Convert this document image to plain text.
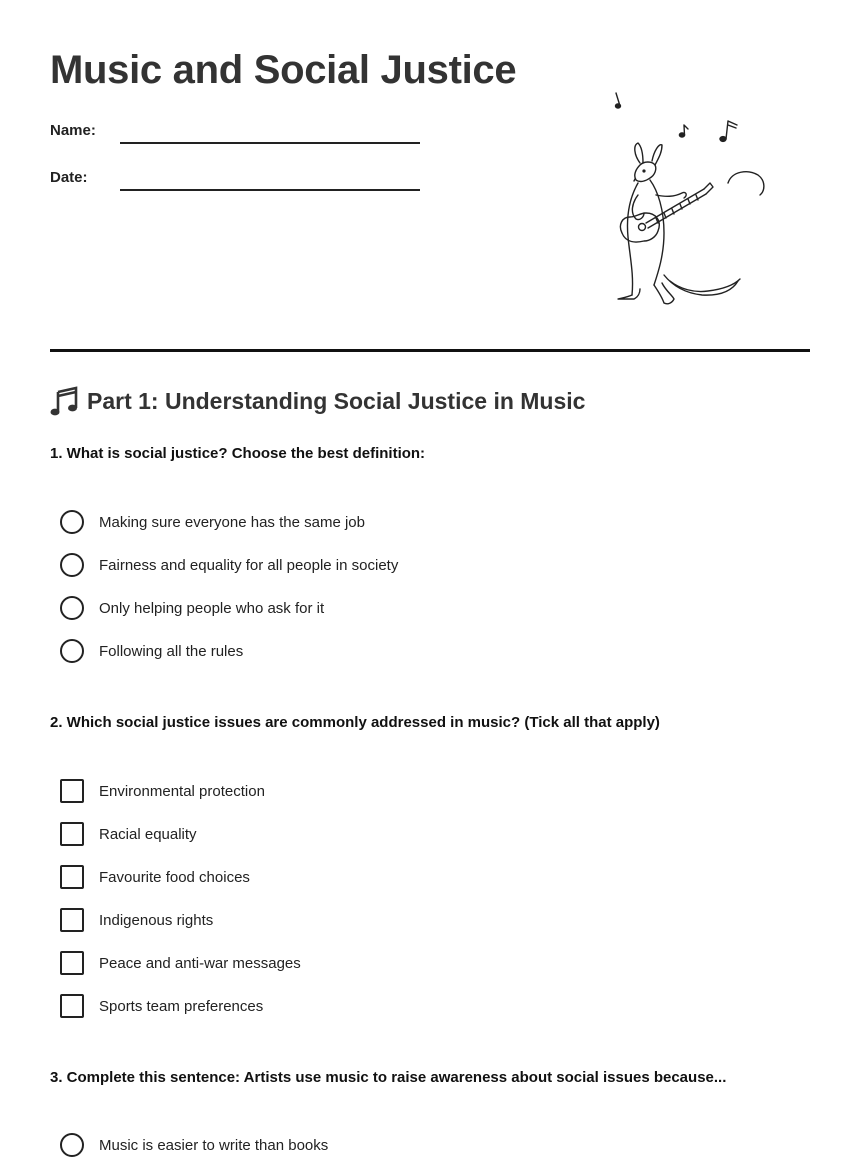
Music and Social Justice
Name:
Date:
Part 1: Understanding Social Justice in Music

1. What is social justice? Choose the best definition:

Making sure everyone has the same job
Fairness and equality for all people in society
Only helping people who ask for it
Following all the rules

2. Which social justice issues are commonly addressed in music? (Tick all that apply)

Environmental protection
Racial equality
Favourite food choices
Indigenous rights
Peace and anti-war messages
Sports team preferences

3. Complete this sentence: Artists use music to raise awareness about social issues because...

Music is easier to write than books
